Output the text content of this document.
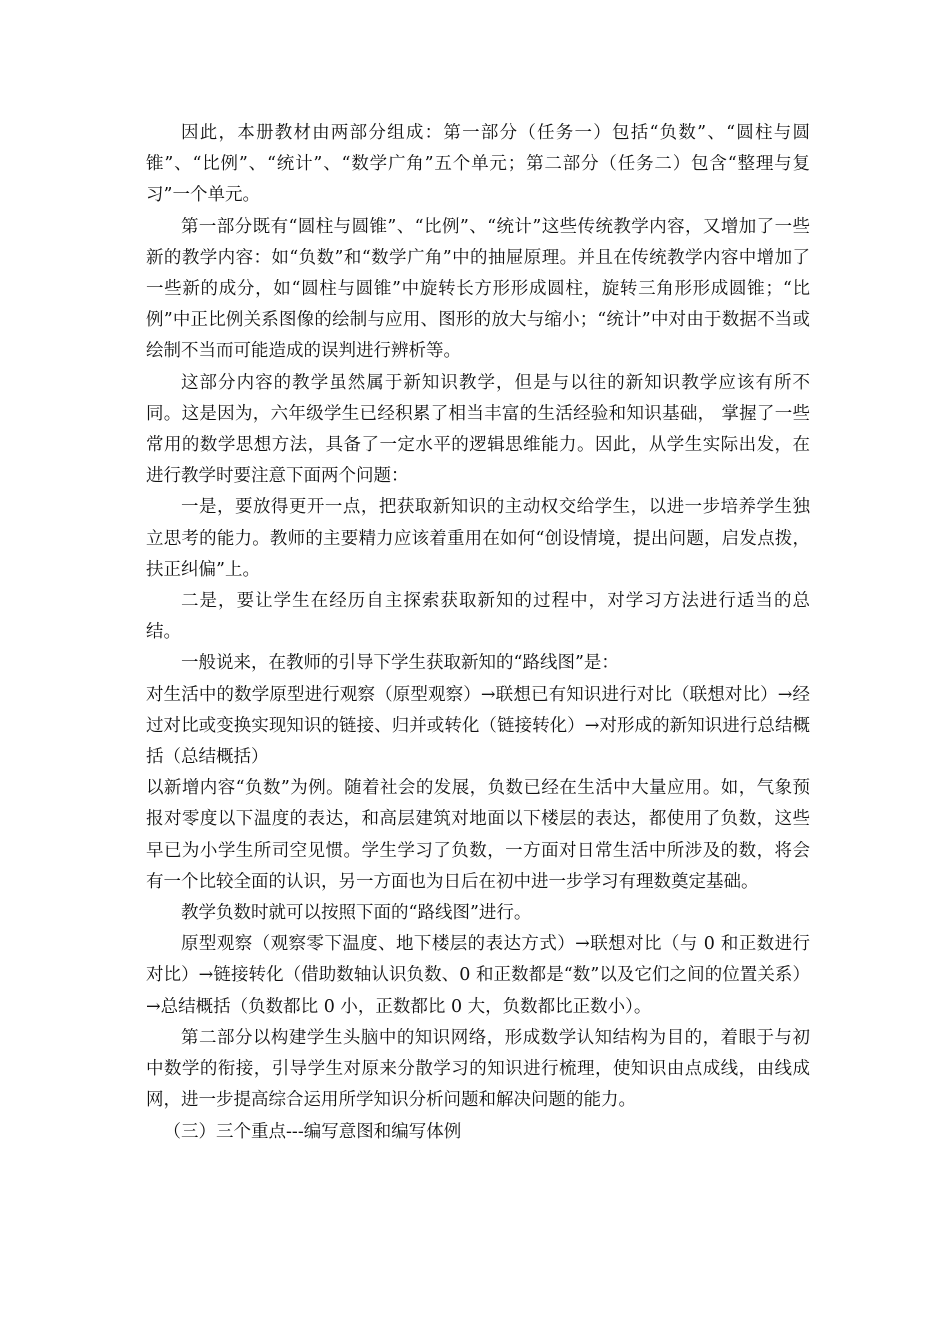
因此，本册教材由两部分组成：第一部分（任务一）包括“负数”、“圆柱与圆锥”、“比例”、“统计”、“数学广角”五个单元；第二部分（任务二）包含“整理与复习”一个单元。

第一部分既有“圆柱与圆锥”、“比例”、“统计”这些传统教学内容，又增加了一些新的教学内容：如“负数”和“数学广角”中的抽屉原理。并且在传统教学内容中增加了一些新的成分，如“圆柱与圆锥”中旋转长方形形成圆柱，旋转三角形形成圆锥；“比例”中正比例关系图像的绘制与应用、图形的放大与缩小；“统计”中对由于数据不当或绘制不当而可能造成的误判进行辨析等。

这部分内容的教学虽然属于新知识教学，但是与以往的新知识教学应该有所不同。这是因为，六年级学生已经积累了相当丰富的生活经验和知识基础， 掌握了一些常用的数学思想方法，具备了一定水平的逻辑思维能力。因此，从学生实际出发，在进行教学时要注意下面两个问题：

一是，要放得更开一点，把获取新知识的主动权交给学生，以进一步培养学生独立思考的能力。教师的主要精力应该着重用在如何“创设情境，提出问题，启发点拨，扶正纠偏”上。

二是，要让学生在经历自主探索获取新知的过程中，对学习方法进行适当的总结。

一般说来，在教师的引导下学生获取新知的“路线图”是：

对生活中的数学原型进行观察（原型观察）→联想已有知识进行对比（联想对比）→经过对比或变换实现知识的链接、归并或转化（链接转化）→对形成的新知识进行总结概括（总结概括）

以新增内容“负数”为例。随着社会的发展，负数已经在生活中大量应用。如，气象预报对零度以下温度的表达，和高层建筑对地面以下楼层的表达，都使用了负数，这些早已为小学生所司空见惯。学生学习了负数，一方面对日常生活中所涉及的数，将会有一个比较全面的认识，另一方面也为日后在初中进一步学习有理数奠定基础。

教学负数时就可以按照下面的“路线图”进行。

原型观察（观察零下温度、地下楼层的表达方式）→联想对比（与 0 和正数进行对比）→链接转化（借助数轴认识负数、0 和正数都是“数”以及它们之间的位置关系）→总结概括（负数都比 0 小，正数都比 0 大，负数都比正数小）。

第二部分以构建学生头脑中的知识网络，形成数学认知结构为目的，着眼于与初中数学的衔接，引导学生对原来分散学习的知识进行梳理，使知识由点成线，由线成网，进一步提高综合运用所学知识分析问题和解决问题的能力。

（三）三个重点---编写意图和编写体例
